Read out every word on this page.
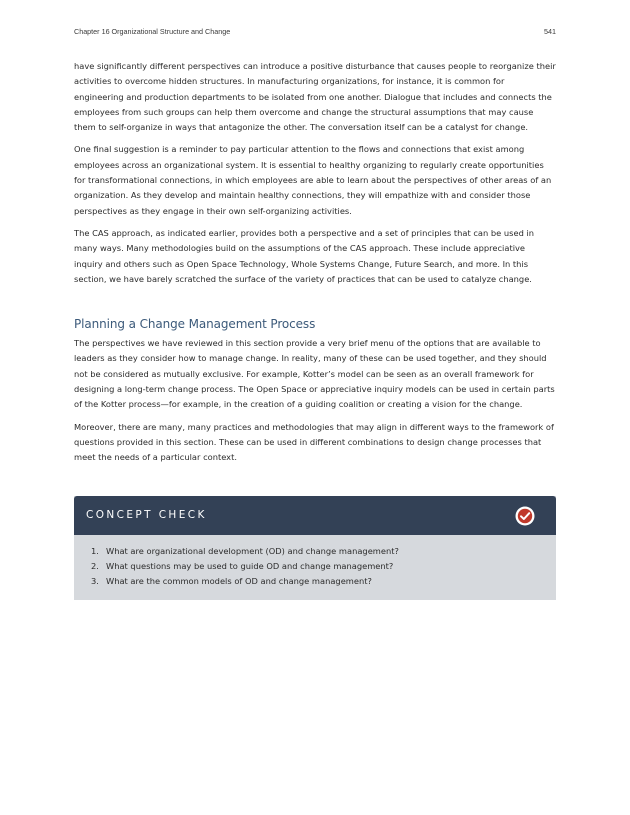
Chapter 16 Organizational Structure and Change	541

have significantly different perspectives can introduce a positive disturbance that causes people to reorganize their activities to overcome hidden structures. In manufacturing organizations, for instance, it is common for engineering and production departments to be isolated from one another. Dialogue that includes and connects the employees from such groups can help them overcome and change the structural assumptions that may cause them to self-organize in ways that antagonize the other. The conversation itself can be a catalyst for change.

One final suggestion is a reminder to pay particular attention to the flows and connections that exist among employees across an organizational system. It is essential to healthy organizing to regularly create opportunities for transformational connections, in which employees are able to learn about the perspectives of other areas of an organization. As they develop and maintain healthy connections, they will empathize with and consider those perspectives as they engage in their own self-organizing activities.

The CAS approach, as indicated earlier, provides both a perspective and a set of principles that can be used in many ways. Many methodologies build on the assumptions of the CAS approach. These include appreciative inquiry and others such as Open Space Technology, Whole Systems Change, Future Search, and more. In this section, we have barely scratched the surface of the variety of practices that can be used to catalyze change.

Planning a Change Management Process

The perspectives we have reviewed in this section provide a very brief menu of the options that are available to leaders as they consider how to manage change. In reality, many of these can be used together, and they should not be considered as mutually exclusive. For example, Kotter’s model can be seen as an overall framework for designing a long-term change process. The Open Space or appreciative inquiry models can be used in certain parts of the Kotter process—for example, in the creation of a guiding coalition or creating a vision for the change.

Moreover, there are many, many practices and methodologies that may align in different ways to the framework of questions provided in this section. These can be used in different combinations to design change processes that meet the needs of a particular context.

CONCEPT CHECK
1. What are organizational development (OD) and change management?
2. What questions may be used to guide OD and change management?
3. What are the common models of OD and change management?
